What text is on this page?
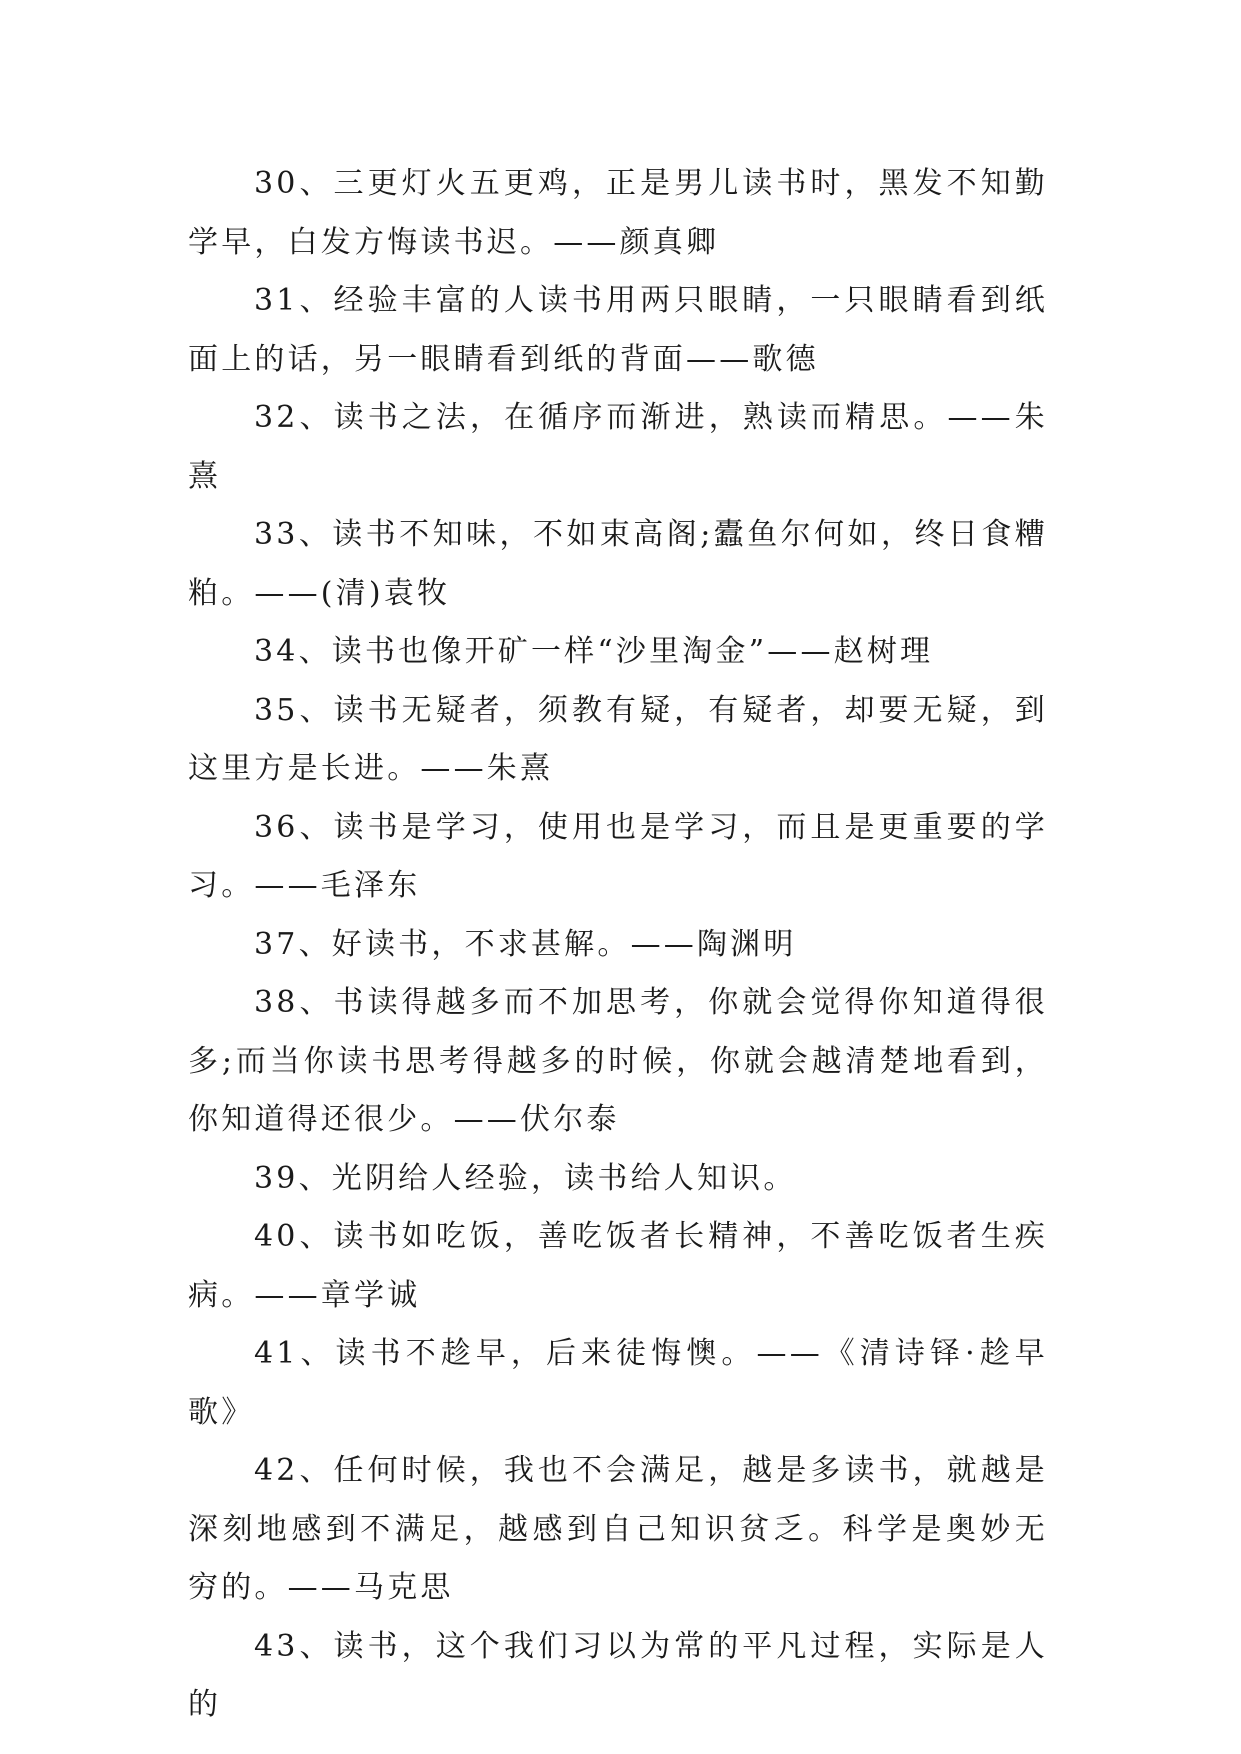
30、三更灯火五更鸡，正是男儿读书时，黑发不知勤学早，白发方悔读书迟。——颜真卿

31、经验丰富的人读书用两只眼睛，一只眼睛看到纸面上的话，另一眼睛看到纸的背面——歌德

32、读书之法，在循序而渐进，熟读而精思。——朱熹

33、读书不知味，不如束高阁;蠹鱼尔何如，终日食糟粕。——(清)袁牧

34、读书也像开矿一样“沙里淘金”——赵树理

35、读书无疑者，须教有疑，有疑者，却要无疑，到这里方是长进。——朱熹

36、读书是学习，使用也是学习，而且是更重要的学习。——毛泽东

37、好读书，不求甚解。——陶渊明

38、书读得越多而不加思考，你就会觉得你知道得很多;而当你读书思考得越多的时候，你就会越清楚地看到，你知道得还很少。——伏尔泰

39、光阴给人经验，读书给人知识。

40、读书如吃饭，善吃饭者长精神，不善吃饭者生疾病。——章学诚

41、读书不趁早，后来徒悔懊。——《清诗铎·趁早歌》

42、任何时候，我也不会满足，越是多读书，就越是深刻地感到不满足，越感到自己知识贫乏。科学是奥妙无穷的。——马克思

43、读书，这个我们习以为常的平凡过程，实际是人的
